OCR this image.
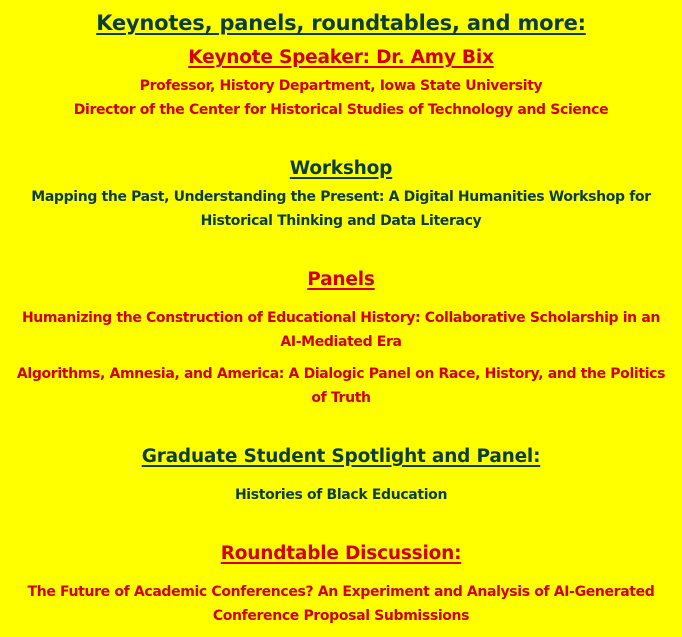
Keynotes, panels, roundtables, and more:
Keynote Speaker: Dr. Amy Bix
Professor, History Department, Iowa State University
Director of the Center for Historical Studies of Technology and Science
Workshop
Mapping the Past, Understanding the Present: A Digital Humanities Workshop for
Historical Thinking and Data Literacy
Panels
Humanizing the Construction of Educational History: Collaborative Scholarship in an
AI-Mediated Era
Algorithms, Amnesia, and America: A Dialogic Panel on Race, History, and the Politics
of Truth
Graduate Student Spotlight and Panel:
Histories of Black Education
Roundtable Discussion:
The Future of Academic Conferences? An Experiment and Analysis of AI-Generated
Conference Proposal Submissions
